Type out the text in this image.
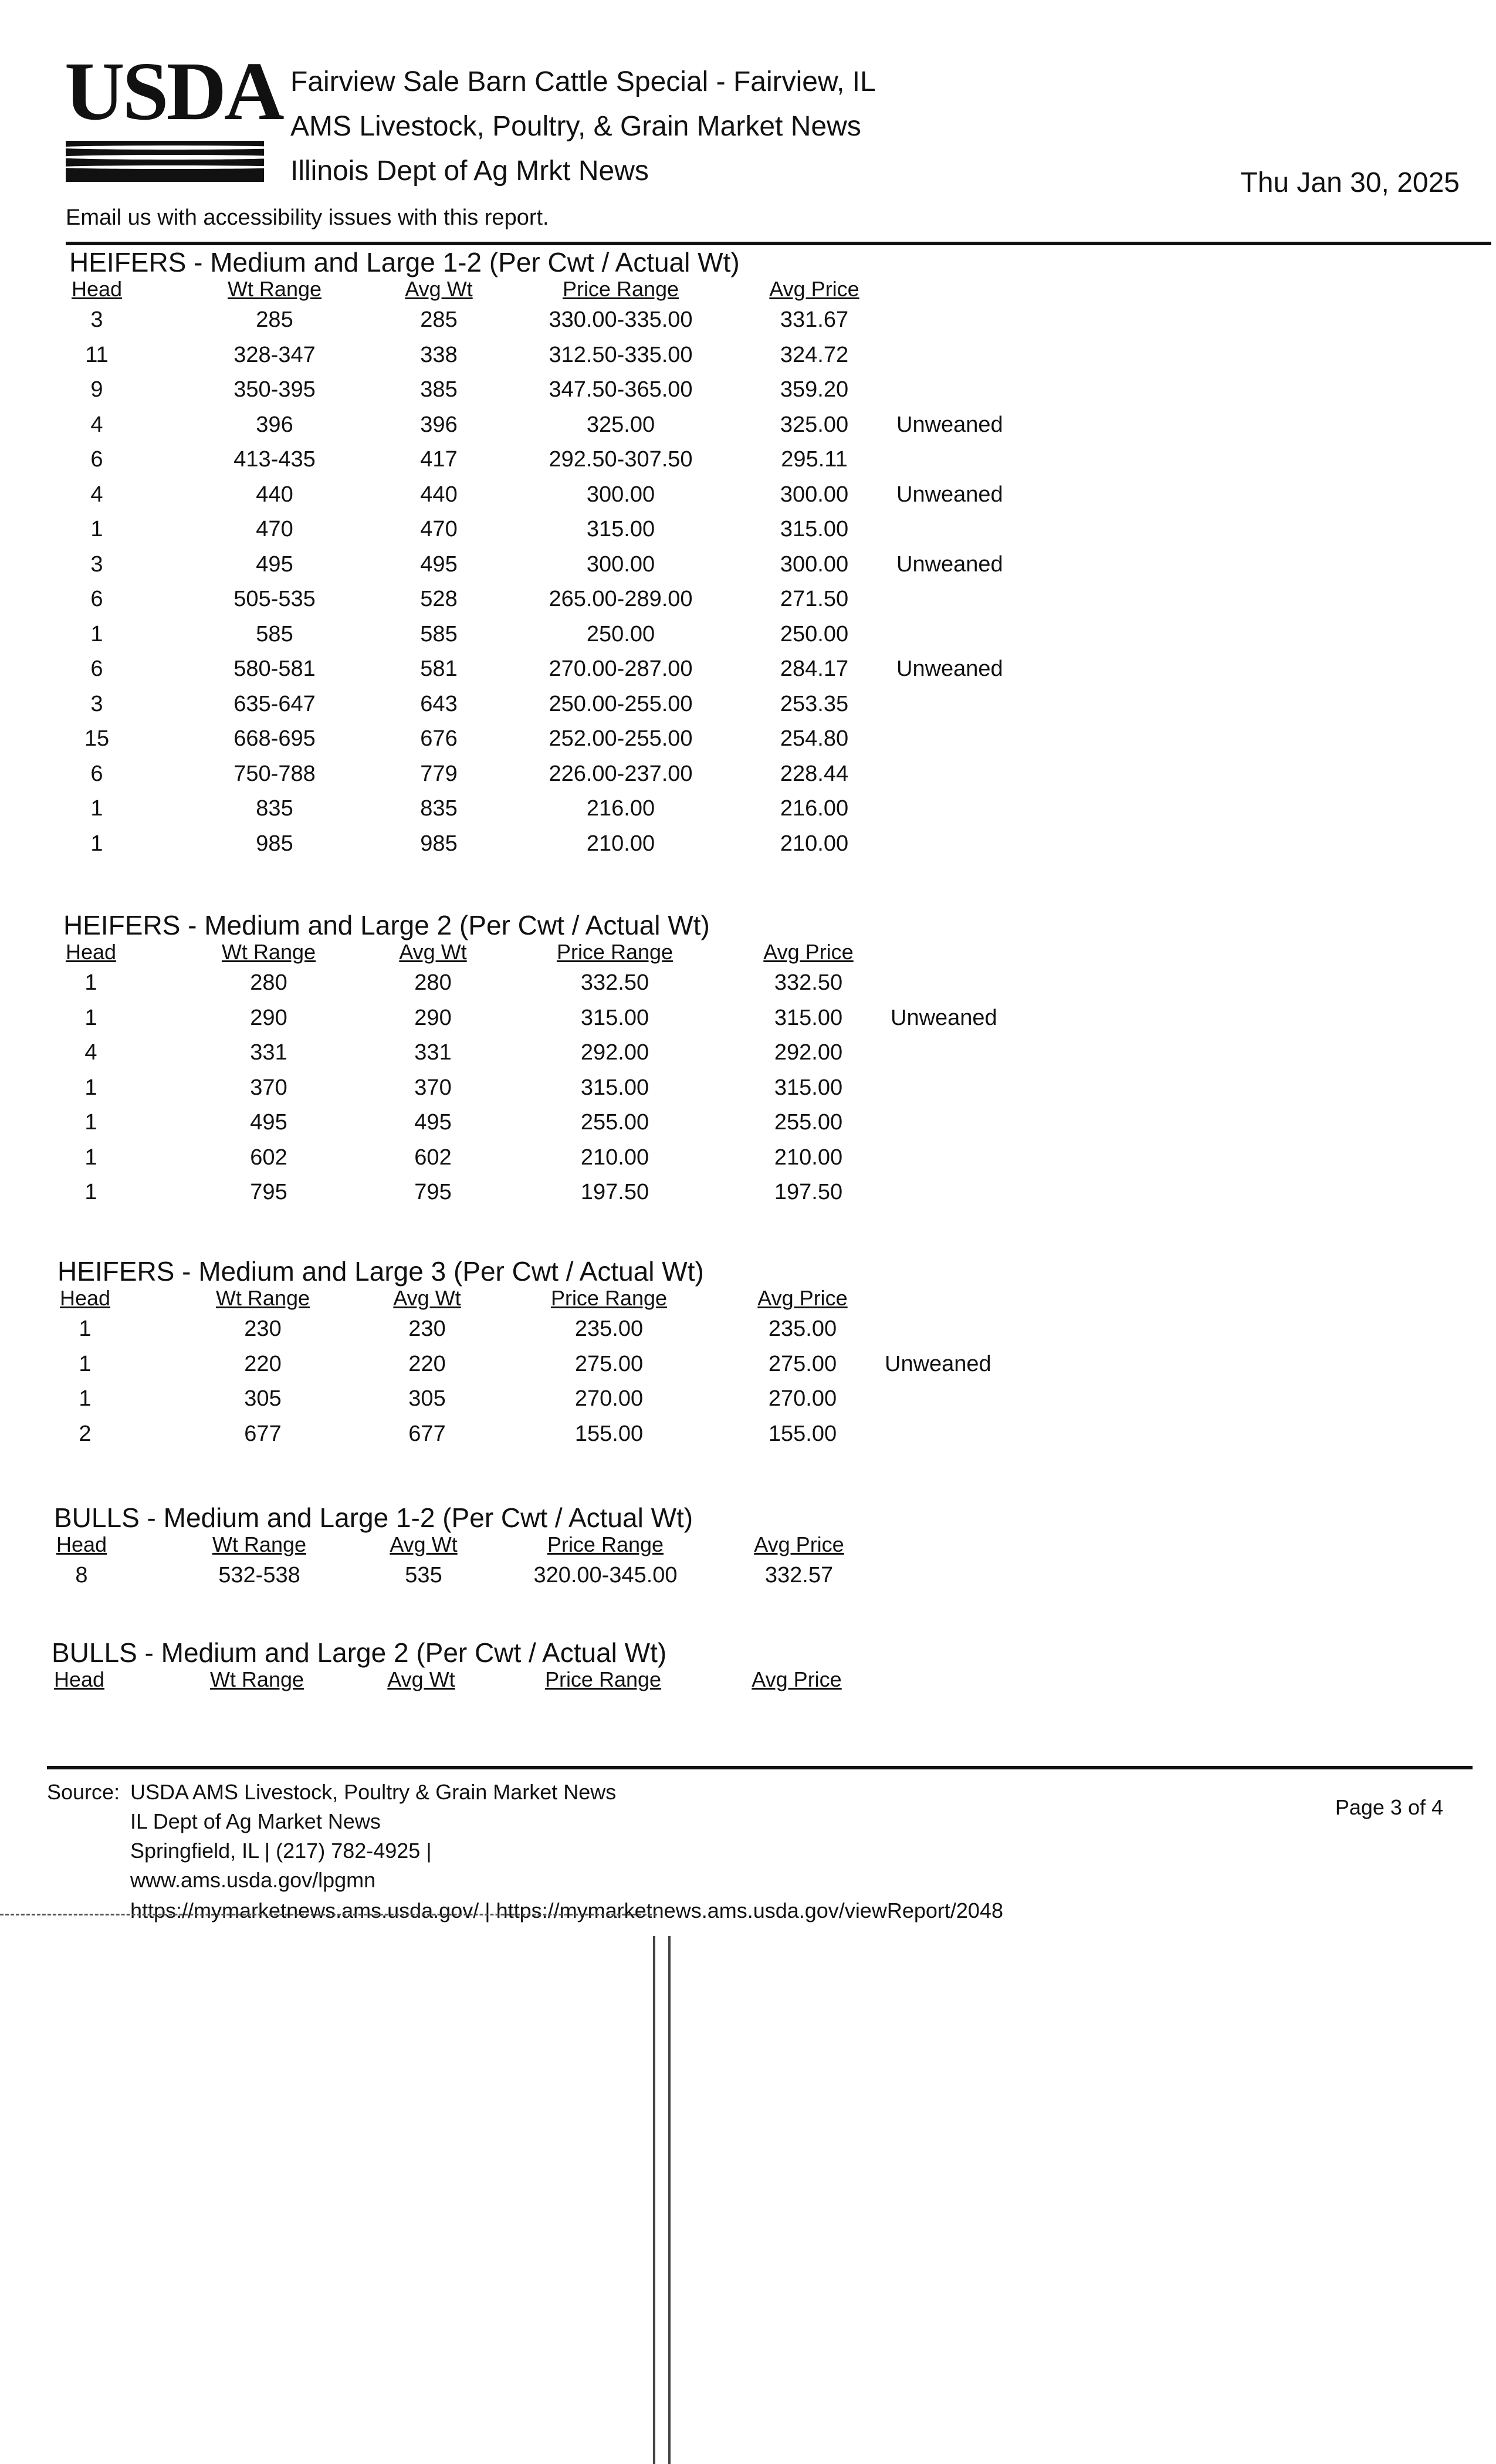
USDA Fairview Sale Barn Cattle Special - Fairview, IL
AMS Livestock, Poultry, & Grain Market News
Illinois Dept of Ag Mrkt News	Thu Jan 30, 2025
Email us with accessibility issues with this report.
HEIFERS - Medium and Large 1-2 (Per Cwt / Actual Wt)
Head	Wt Range	Avg Wt	Price Range	Avg Price
3	285	285	330.00-335.00	331.67
11	328-347	338	312.50-335.00	324.72
9	350-395	385	347.50-365.00	359.20
4	396	396	325.00	325.00	Unweaned
6	413-435	417	292.50-307.50	295.11
4	440	440	300.00	300.00	Unweaned
1	470	470	315.00	315.00
3	495	495	300.00	300.00	Unweaned
6	505-535	528	265.00-289.00	271.50
1	585	585	250.00	250.00
6	580-581	581	270.00-287.00	284.17	Unweaned
3	635-647	643	250.00-255.00	253.35
15	668-695	676	252.00-255.00	254.80
6	750-788	779	226.00-237.00	228.44
1	835	835	216.00	216.00
1	985	985	210.00	210.00
HEIFERS - Medium and Large 2 (Per Cwt / Actual Wt)
Head	Wt Range	Avg Wt	Price Range	Avg Price
1	280	280	332.50	332.50
1	290	290	315.00	315.00	Unweaned
4	331	331	292.00	292.00
1	370	370	315.00	315.00
1	495	495	255.00	255.00
1	602	602	210.00	210.00
1	795	795	197.50	197.50
HEIFERS - Medium and Large 3 (Per Cwt / Actual Wt)
Head	Wt Range	Avg Wt	Price Range	Avg Price
1	230	230	235.00	235.00
1	220	220	275.00	275.00	Unweaned
1	305	305	270.00	270.00
2	677	677	155.00	155.00
BULLS - Medium and Large 1-2 (Per Cwt / Actual Wt)
Head	Wt Range	Avg Wt	Price Range	Avg Price
8	532-538	535	320.00-345.00	332.57
BULLS - Medium and Large 2 (Per Cwt / Actual Wt)
Head	Wt Range	Avg Wt	Price Range	Avg Price
Source: USDA AMS Livestock, Poultry & Grain Market News
IL Dept of Ag Market News
Springfield, IL | (217) 782-4925 |
www.ams.usda.gov/lpgmn
https://mymarketnews.ams.usda.gov/ | https://mymarketnews.ams.usda.gov/viewReport/2048
Page 3 of 4
